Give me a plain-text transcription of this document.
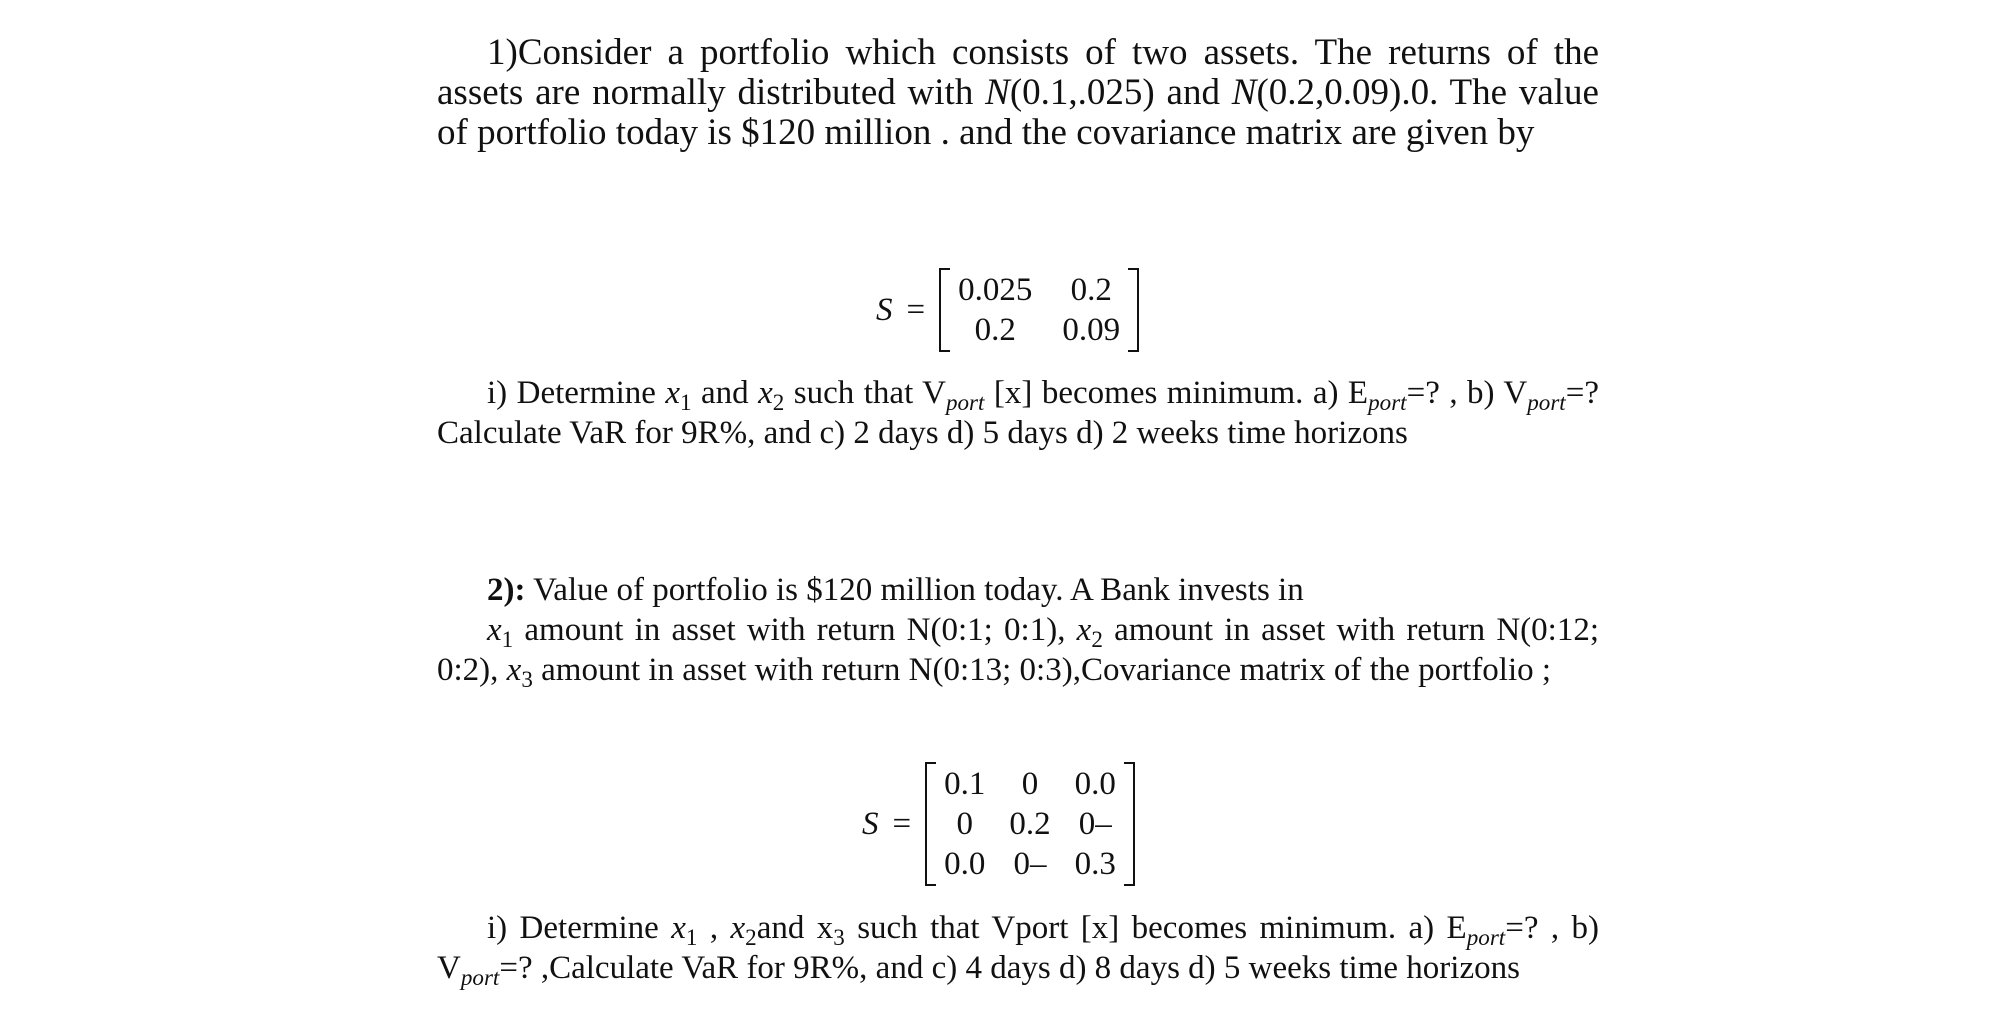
1)Consider a portfolio which consists of two assets. The returns of the assets are normally distributed with N(0.1,.025) and N(0.2,0.09).0. The value of portfolio today is $120 million . and the covariance matrix are given by

S =
0.025 0.2
0.2	0.09

i) Determine $x_1$ and $x_2$ such that $V_{port}$ [x] becomes minimum. a) $E_{port}=$? , b) $V_{port}=$? Calculate VaR for 9R%, and c) 2 days d) 5 days d) 2 weeks time horizons

2): Value of portfolio is $120 million today. A Bank invests in

$x_1$ amount in asset with return N(0:1; 0:1), $x_2$ amount in asset with return N(0:12; 0:2), $x_3$ amount in asset with return N(0:13; 0:3),Covariance matrix of the portfolio ;

S =
0.1	0	0.0
0	0.2 0–
0.0 0– 0.3

i) Determine $x_1$ , $x_2and$ $x_3$ such that Vport [x] becomes minimum. a) $E_{port}=$? , b) $V_{port}=$? ,Calculate VaR for 9R%, and c) 4 days d) 8 days d) 5 weeks time horizons
